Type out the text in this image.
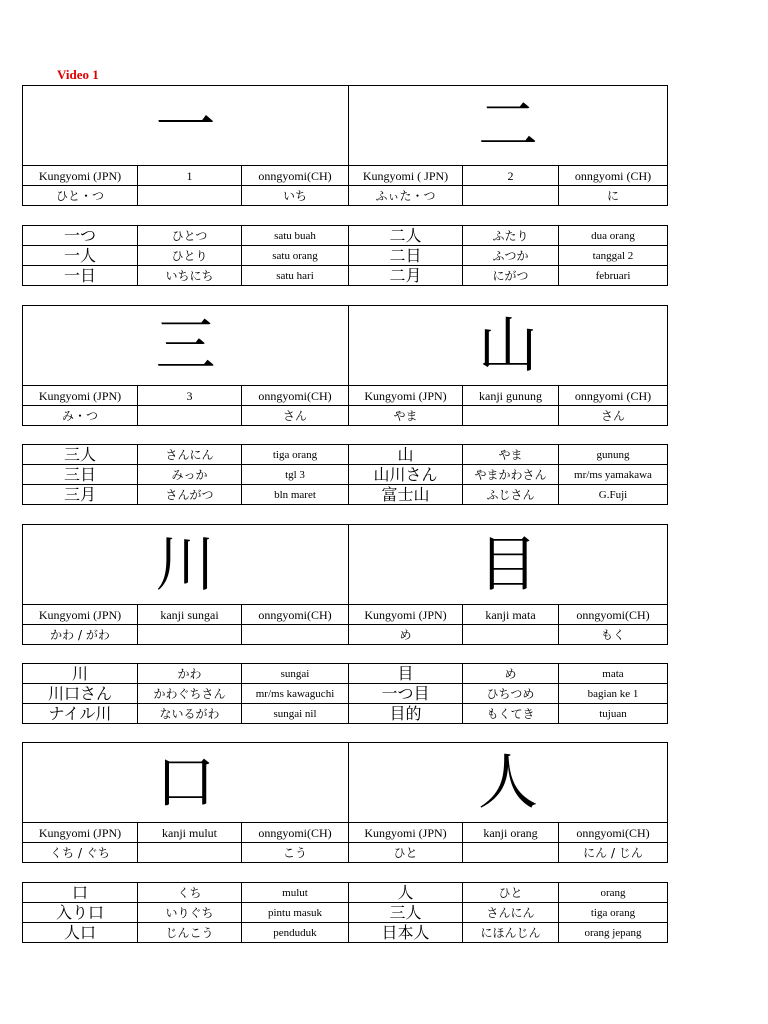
Video 1
一			二		
Kungyomi (JPN)	1	onngyomi(CH)	Kungyomi ( JPN)	2	onngyomi (CH)
ひと・つ		いち	ふぃた・つ		に
一つ	ひとつ	satu buah	二人	ふたり	dua orang
一人	ひとり	satu orang	二日	ふつか	tanggal 2
一日	いちにち	satu hari	二月	にがつ	februari
三			山		
Kungyomi (JPN)	3	onngyomi(CH)	Kungyomi (JPN)	kanji gunung	onngyomi (CH)
み・つ		さん	やま		さん
三人	さんにん	tiga orang	山	やま	gunung
三日	みっか	tgl 3	山川さん	やまかわさん	mr/ms yamakawa
三月	さんがつ	bln maret	富士山	ふじさん	G.Fuji
川			目		
Kungyomi (JPN)	kanji sungai	onngyomi(CH)	Kungyomi (JPN)	kanji mata	onngyomi(CH)
かわ / がわ			め		もく
川	かわ	sungai	目	め	mata
川口さん	かわぐちさん	mr/ms kawaguchi	一つ目	ひちつめ	bagian ke 1
ナイル川	ないるがわ	sungai nil	目的	もくてき	tujuan
口			人		
Kungyomi (JPN)	kanji mulut	onngyomi(CH)	Kungyomi (JPN)	kanji orang	onngyomi(CH)
くち / ぐち		こう	ひと		にん / じん
口	くち	mulut	人	ひと	orang
入り口	いりぐち	pintu masuk	三人	さんにん	tiga orang
人口	じんこう	penduduk	日本人	にほんじん	orang jepang
